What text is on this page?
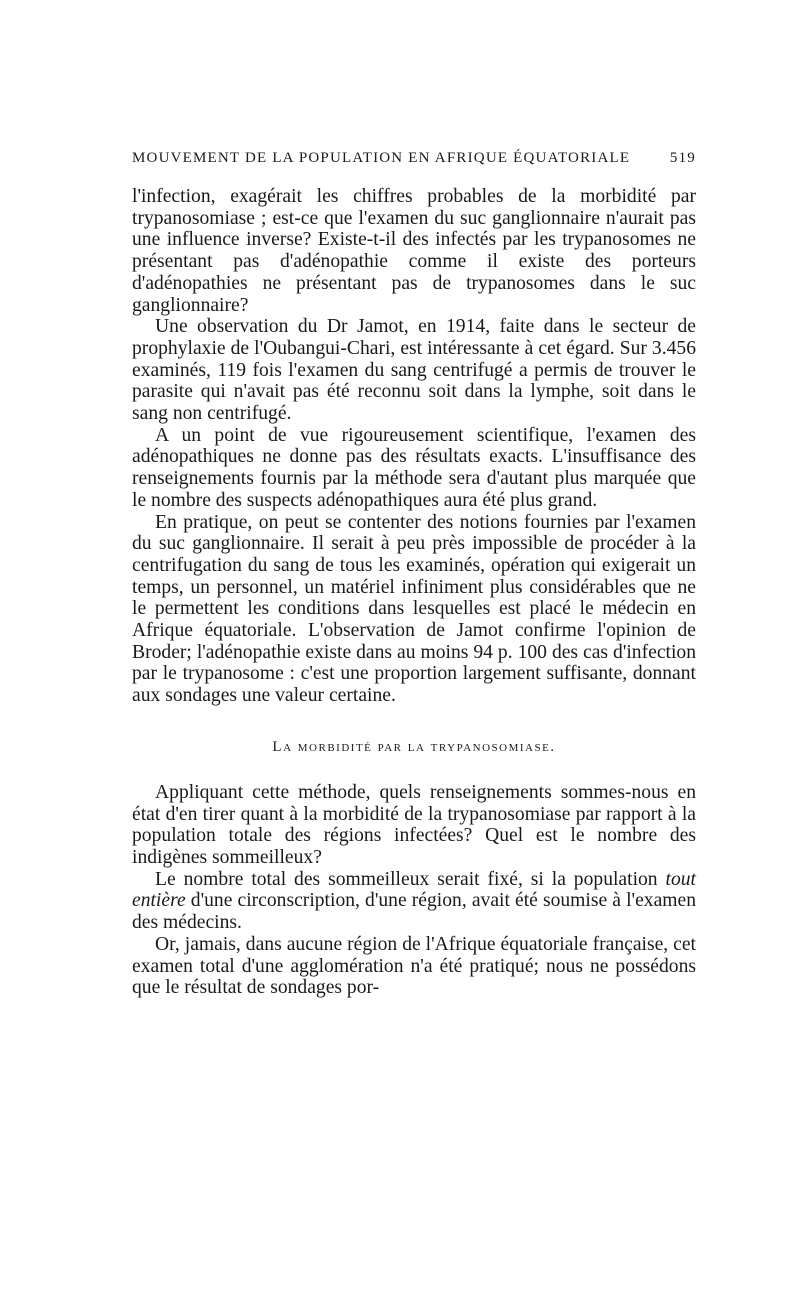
MOUVEMENT DE LA POPULATION EN AFRIQUE ÉQUATORIALE	519

l'infection, exagérait les chiffres probables de la morbidité par trypanosomiase ; est-ce que l'examen du suc ganglionnaire n'aurait pas une influence inverse? Existe-t-il des infectés par les trypanosomes ne présentant pas d'adénopathie comme il existe des porteurs d'adénopathies ne présentant pas de trypanosomes dans le suc ganglionnaire?

Une observation du Dr Jamot, en 1914, faite dans le secteur de prophylaxie de l'Oubangui-Chari, est intéressante à cet égard. Sur 3.456 examinés, 119 fois l'examen du sang centrifugé a permis de trouver le parasite qui n'avait pas été reconnu soit dans la lymphe, soit dans le sang non centrifugé.

A un point de vue rigoureusement scientifique, l'examen des adénopathiques ne donne pas des résultats exacts. L'insuffisance des renseignements fournis par la méthode sera d'autant plus marquée que le nombre des suspects adénopathiques aura été plus grand.

En pratique, on peut se contenter des notions fournies par l'examen du suc ganglionnaire. Il serait à peu près impossible de procéder à la centrifugation du sang de tous les examinés, opération qui exigerait un temps, un personnel, un matériel infiniment plus considérables que ne le permettent les conditions dans lesquelles est placé le médecin en Afrique équatoriale. L'observation de Jamot confirme l'opinion de Broder; l'adénopathie existe dans au moins 94 p. 100 des cas d'infection par le trypanosome : c'est une proportion largement suffisante, donnant aux sondages une valeur certaine.

La morbidité par la trypanosomiase.

Appliquant cette méthode, quels renseignements sommes-nous en état d'en tirer quant à la morbidité de la trypanosomiase par rapport à la population totale des régions infectées? Quel est le nombre des indigènes sommeilleux?

Le nombre total des sommeilleux serait fixé, si la population tout entière d'une circonscription, d'une région, avait été soumise à l'examen des médecins.

Or, jamais, dans aucune région de l'Afrique équatoriale française, cet examen total d'une agglomération n'a été pratiqué; nous ne possédons que le résultat de sondages por-
